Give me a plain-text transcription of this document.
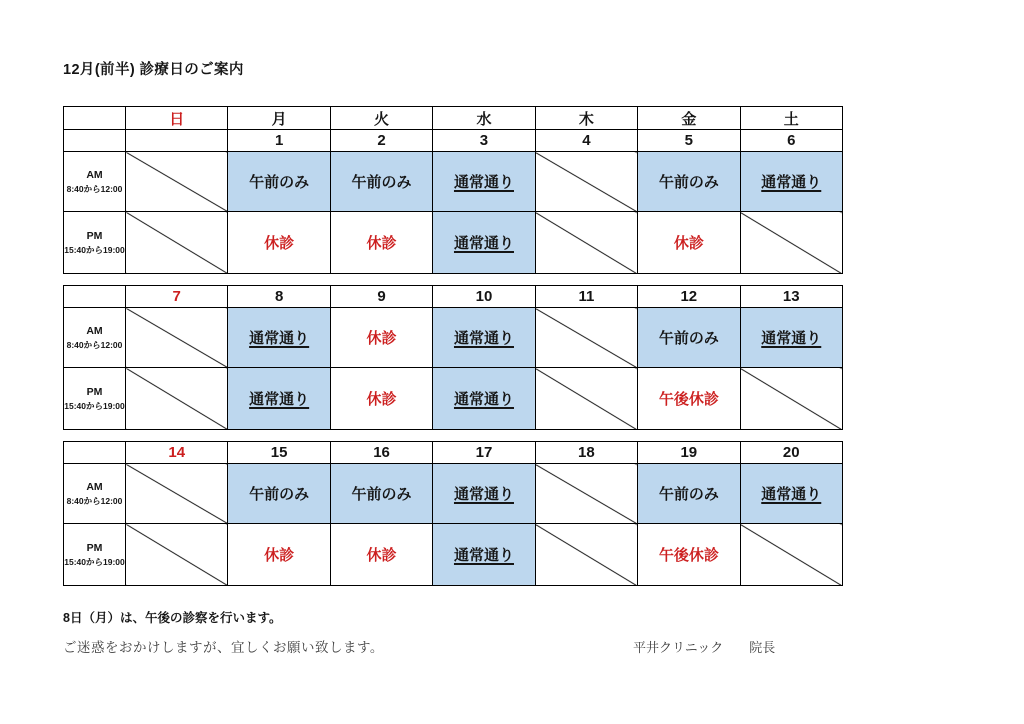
12月(前半) 診療日のご案内
	日	月	火	水	木	金	土
		1	2	3	4	5	6

AM
8:40から12:00		午前のみ	午前のみ	通常通り		午前のみ	通常通り

PM
15:40から19:00		休診	休診	通常通り		休診	
	7	8	9	10	11	12	13

AM
8:40から12:00		通常通り	休診	通常通り		午前のみ	通常通り

PM
15:40から19:00		通常通り	休診	通常通り		午後休診	
	14	15	16	17	18	19	20

AM
8:40から12:00		午前のみ	午前のみ	通常通り		午前のみ	通常通り

PM
15:40から19:00		休診	休診	通常通り		午後休診	

8日（月）は、午後の診察を行います。

ご迷惑をおかけしますが、宜しくお願い致します。	平井クリニック 院長
